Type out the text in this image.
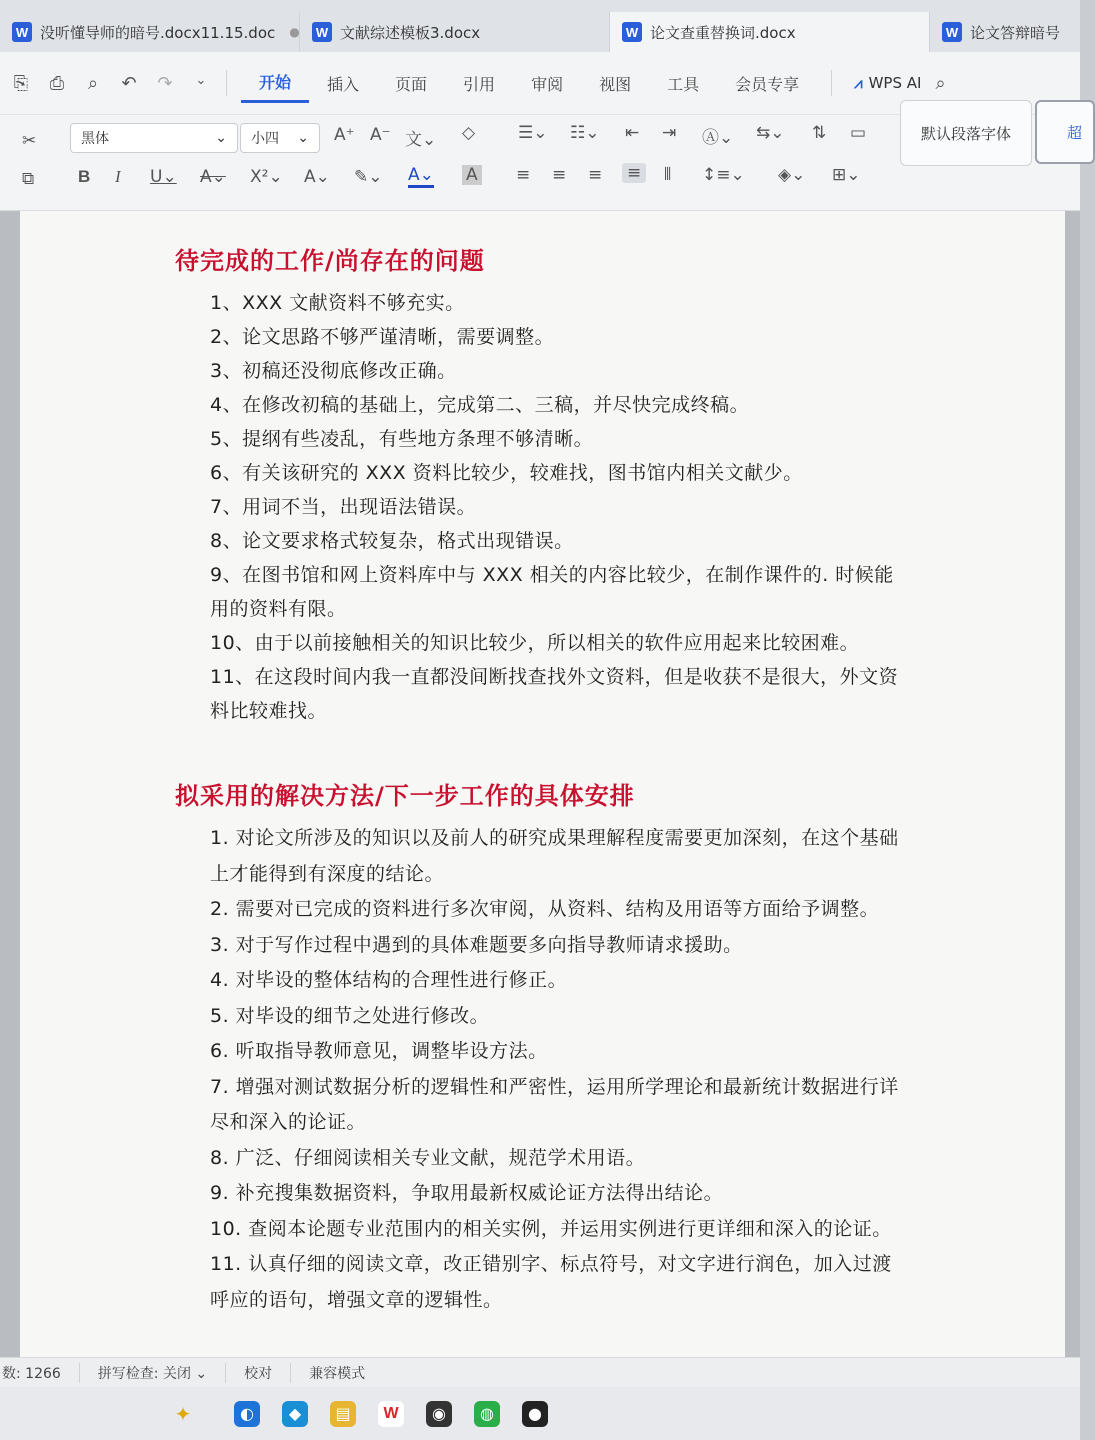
W 没听懂导师的暗号.docx11.15.doc ● W 文献综述模板3.docx	W 论文查重替换词.docx	W 论文答辩暗号
⎘ ⎙	⌕	↶ ↷	⌄	开始	插入	页面	引用	审阅	视图	工具	会员专享	⩘ WPS AI ⌕
✂
⧉
黑体	⌄ 小四 ⌄ A⁺ A⁻ 文⌄ ◇
B I U⌄ A⌄ X²⌄ A⌄ ✎⌄ A⌄ A
☰⌄ ☷⌄ ⇤ ⇥ Ⓐ⌄ ⇆⌄ ⇅ ▭
≡ ≡ ≡ ≡ ⫴ ↕≡⌄ ◈⌄ ⊞⌄
默认段落字体	超
待完成的工作/尚存在的问题
1、XXX 文献资料不够充实。
2、论文思路不够严谨清晰，需要调整。
3、初稿还没彻底修改正确。
4、在修改初稿的基础上，完成第二、三稿，并尽快完成终稿。
5、提纲有些凌乱，有些地方条理不够清晰。
6、有关该研究的 XXX 资料比较少，较难找，图书馆内相关文献少。
7、用词不当，出现语法错误。
8、论文要求格式较复杂，格式出现错误。
9、在图书馆和网上资料库中与 XXX 相关的内容比较少，在制作课件的. 时候能用的资料有限。
10、由于以前接触相关的知识比较少，所以相关的软件应用起来比较困难。
11、在这段时间内我一直都没间断找查找外文资料，但是收获不是很大，外文资料比较难找。
拟采用的解决方法/下一步工作的具体安排
1. 对论文所涉及的知识以及前人的研究成果理解程度需要更加深刻，在这个基础上才能得到有深度的结论。
2. 需要对已完成的资料进行多次审阅，从资料、结构及用语等方面给予调整。
3. 对于写作过程中遇到的具体难题要多向指导教师请求援助。
4. 对毕设的整体结构的合理性进行修正。
5. 对毕设的细节之处进行修改。
6. 听取指导教师意见，调整毕设方法。
7. 增强对测试数据分析的逻辑性和严密性，运用所学理论和最新统计数据进行详尽和深入的论证。
8. 广泛、仔细阅读相关专业文献，规范学术用语。
9. 补充搜集数据资料，争取用最新权威论证方法得出结论。
10. 查阅本论题专业范围内的相关实例，并运用实例进行更详细和深入的论证。
11. 认真仔细的阅读文章，改正错别字、标点符号，对文字进行润色，加入过渡呼应的语句，增强文章的逻辑性。
数: 1266	拼写检查: 关闭 ⌄	校对	兼容模式
✦	◐	◆	▤	W	◉	◍	●
